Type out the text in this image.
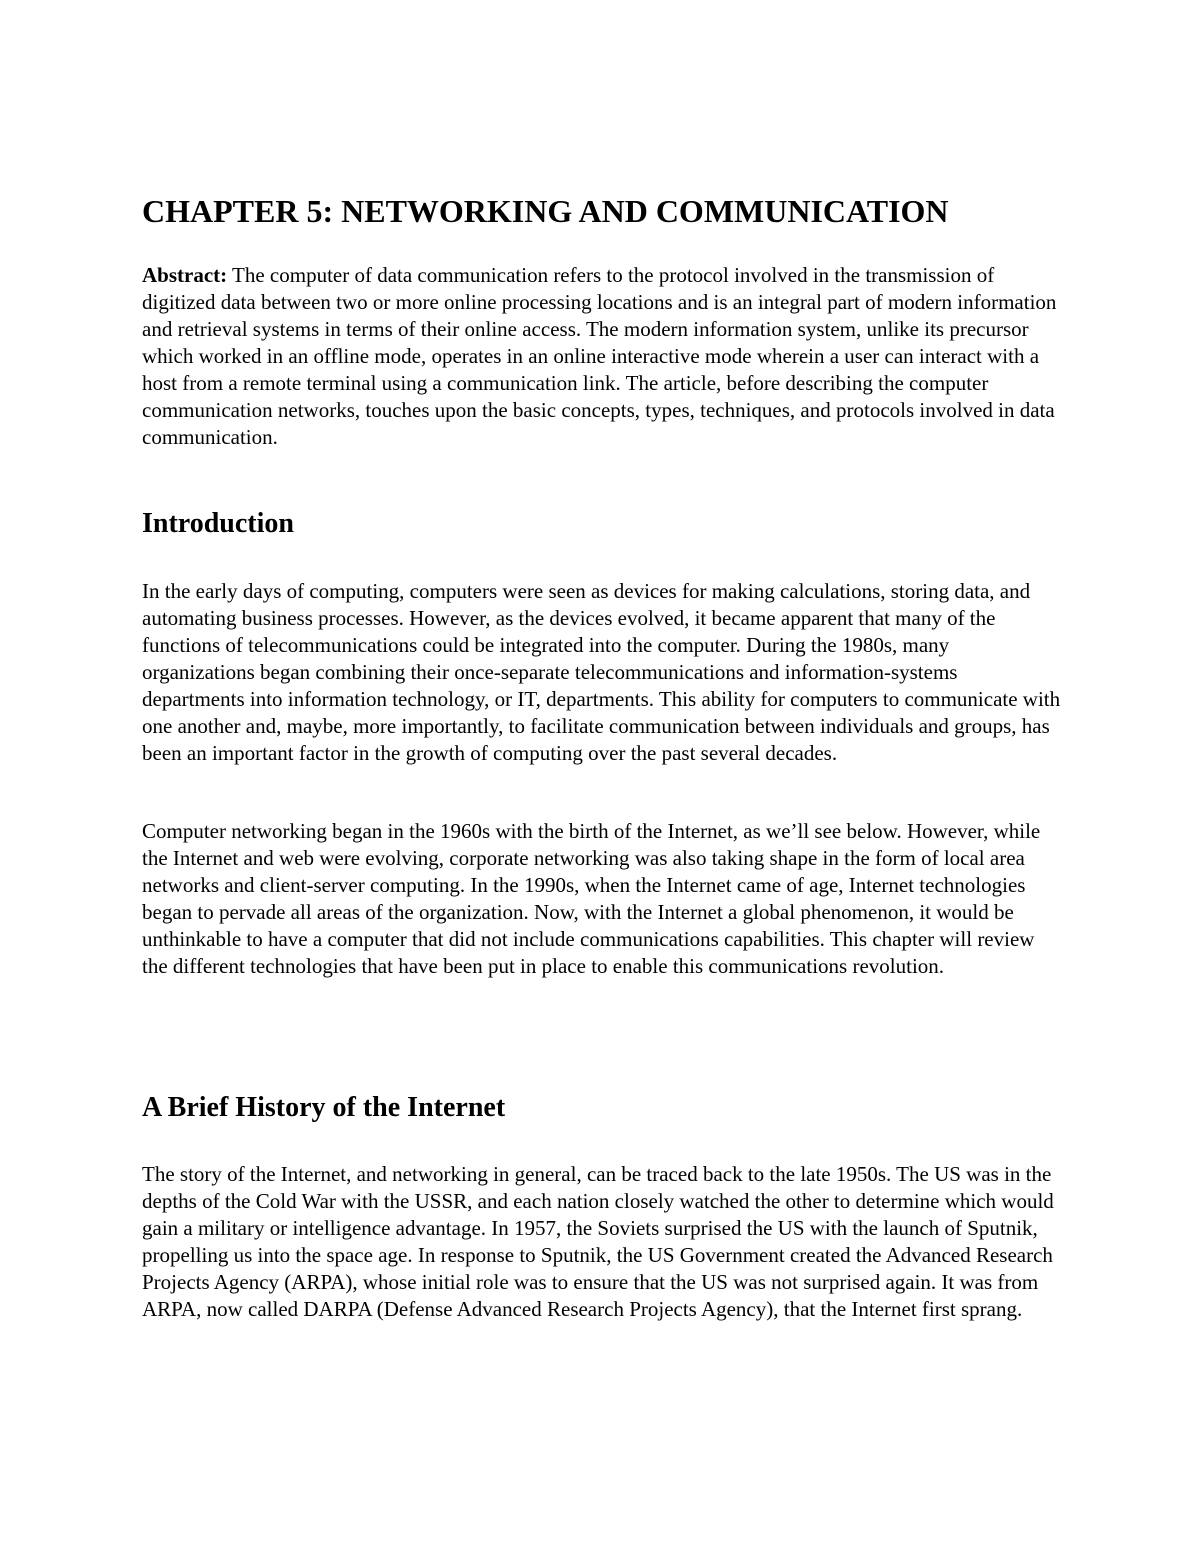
CHAPTER 5: NETWORKING AND COMMUNICATION

Abstract: The computer of data communication refers to the protocol involved in the transmission of digitized data between two or more online processing locations and is an integral part of modern information and retrieval systems in terms of their online access. The modern information system, unlike its precursor which worked in an offline mode, operates in an online interactive mode wherein a user can interact with a host from a remote terminal using a communication link. The article, before describing the computer communication networks, touches upon the basic concepts, types, techniques, and protocols involved in data communication.

Introduction

In the early days of computing, computers were seen as devices for making calculations, storing data, and automating business processes. However, as the devices evolved, it became apparent that many of the functions of telecommunications could be integrated into the computer. During the 1980s, many organizations began combining their once-separate telecommunications and information-systems departments into information technology, or IT, departments. This ability for computers to communicate with one another and, maybe, more importantly, to facilitate communication between individuals and groups, has been an important factor in the growth of computing over the past several decades.

Computer networking began in the 1960s with the birth of the Internet, as we’ll see below. However, while the Internet and web were evolving, corporate networking was also taking shape in the form of local area networks and client-server computing. In the 1990s, when the Internet came of age, Internet technologies began to pervade all areas of the organization. Now, with the Internet a global phenomenon, it would be unthinkable to have a computer that did not include communications capabilities. This chapter will review the different technologies that have been put in place to enable this communications revolution.

A Brief History of the Internet

The story of the Internet, and networking in general, can be traced back to the late 1950s. The US was in the depths of the Cold War with the USSR, and each nation closely watched the other to determine which would gain a military or intelligence advantage. In 1957, the Soviets surprised the US with the launch of Sputnik, propelling us into the space age. In response to Sputnik, the US Government created the Advanced Research Projects Agency (ARPA), whose initial role was to ensure that the US was not surprised again. It was from ARPA, now called DARPA (Defense Advanced Research Projects Agency), that the Internet first sprang.
